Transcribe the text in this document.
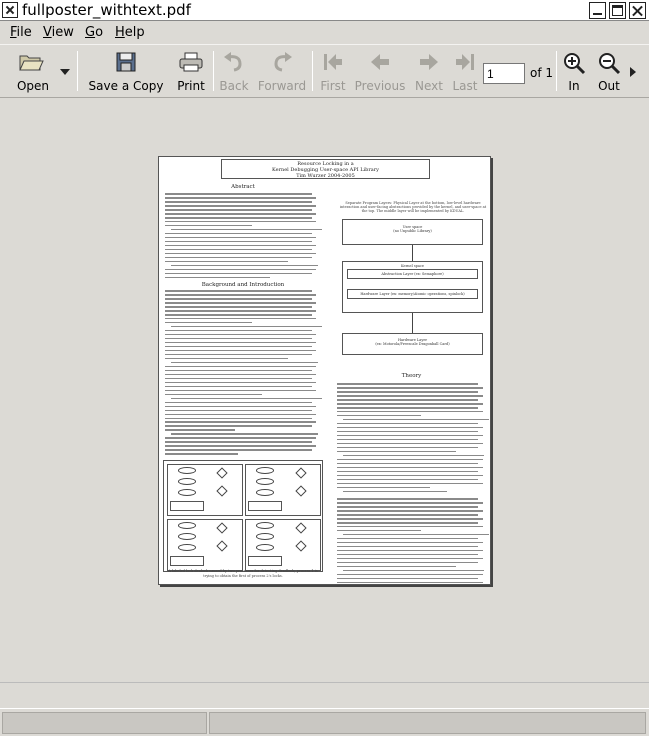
fullposter_withtext.pdf
File View Go Help
Open	Save a Copy	Print	Back Forward	First Previous Next Last
1
of 1
In	Out
Resource Locking in a
Kernel Debugging User-space API Library
Tim Wurzer 2004-2005
Abstract
Background and Introduction
A labeled lock dealock caused by two processes for detecting deadlock; process 1 is trying to obtain the first of process 2's locks.
Separate Program Layers: Physical Layer at the bottom, low-level hardware interaction and user-facing abstractions provided by the kernel, and user-space at the top. The middle layer will be implemented by KDUAL.
User space
(no Unpublic Library)
Kernel space
Abstraction Layer (ex: Semaphore)
Hardware Layer (ex: memory/Atomic operations, spinlock)
Hardware Layer
(ex: Motorola/Freescale Dragonball Card)
Theory
